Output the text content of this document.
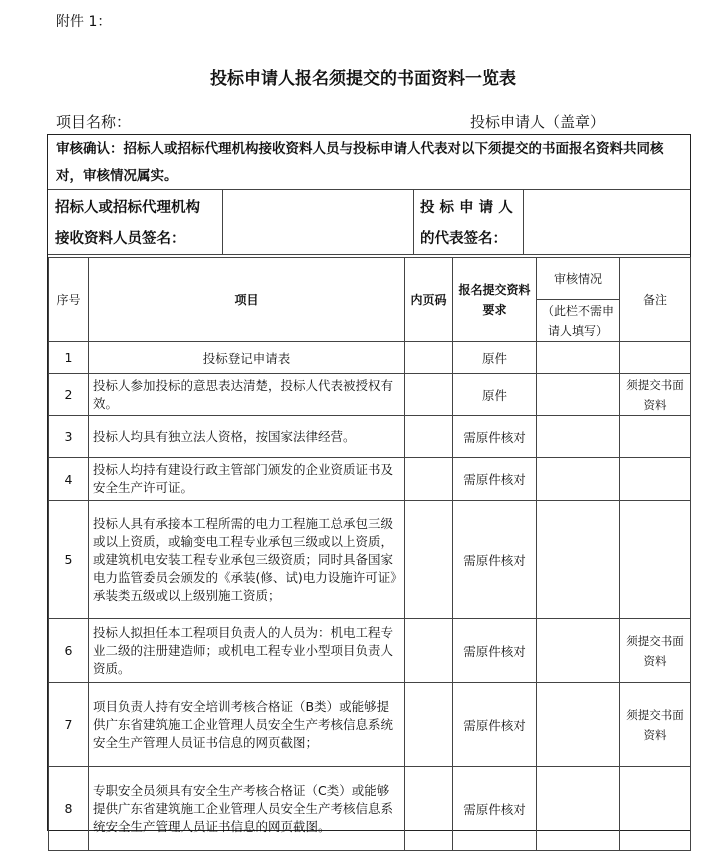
附件 1：
投标申请人报名须提交的书面资料一览表
项目名称：	投标申请人（盖章）
审核确认：招标人或招标代理机构接收资料人员与投标申请人代表对以下须提交的书面报名资料共同核对，审核情况属实。
招标人或招标代理机构
接收资料人员签名：
投 标 申 请 人
的代表签名：
序号	项目	内页码	报名提交资料要求	审核情况	备注
				（此栏不需申请人填写）	
1	投标登记申请表		原件		
2	投标人参加投标的意思表达清楚，投标人代表被授权有效。		原件		须提交书面资料
3	投标人均具有独立法人资格，按国家法律经营。		需原件核对		
4	投标人均持有建设行政主管部门颁发的企业资质证书及安全生产许可证。		需原件核对		
5	投标人具有承接本工程所需的电力工程施工总承包三级或以上资质，或输变电工程专业承包三级或以上资质，或建筑机电安装工程专业承包三级资质；同时具备国家电力监管委员会颁发的《承装(修、试)电力设施许可证》承装类五级或以上级别施工资质；		需原件核对		
6	投标人拟担任本工程项目负责人的人员为：机电工程专业二级的注册建造师；或机电工程专业小型项目负责人资质。		需原件核对		须提交书面资料
7	项目负责人持有安全培训考核合格证（B类）或能够提供广东省建筑施工企业管理人员安全生产考核信息系统安全生产管理人员证书信息的网页截图；		需原件核对		须提交书面资料
8	专职安全员须具有安全生产考核合格证（C类）或能够提供广东省建筑施工企业管理人员安全生产考核信息系统安全生产管理人员证书信息的网页截图。		需原件核对		
